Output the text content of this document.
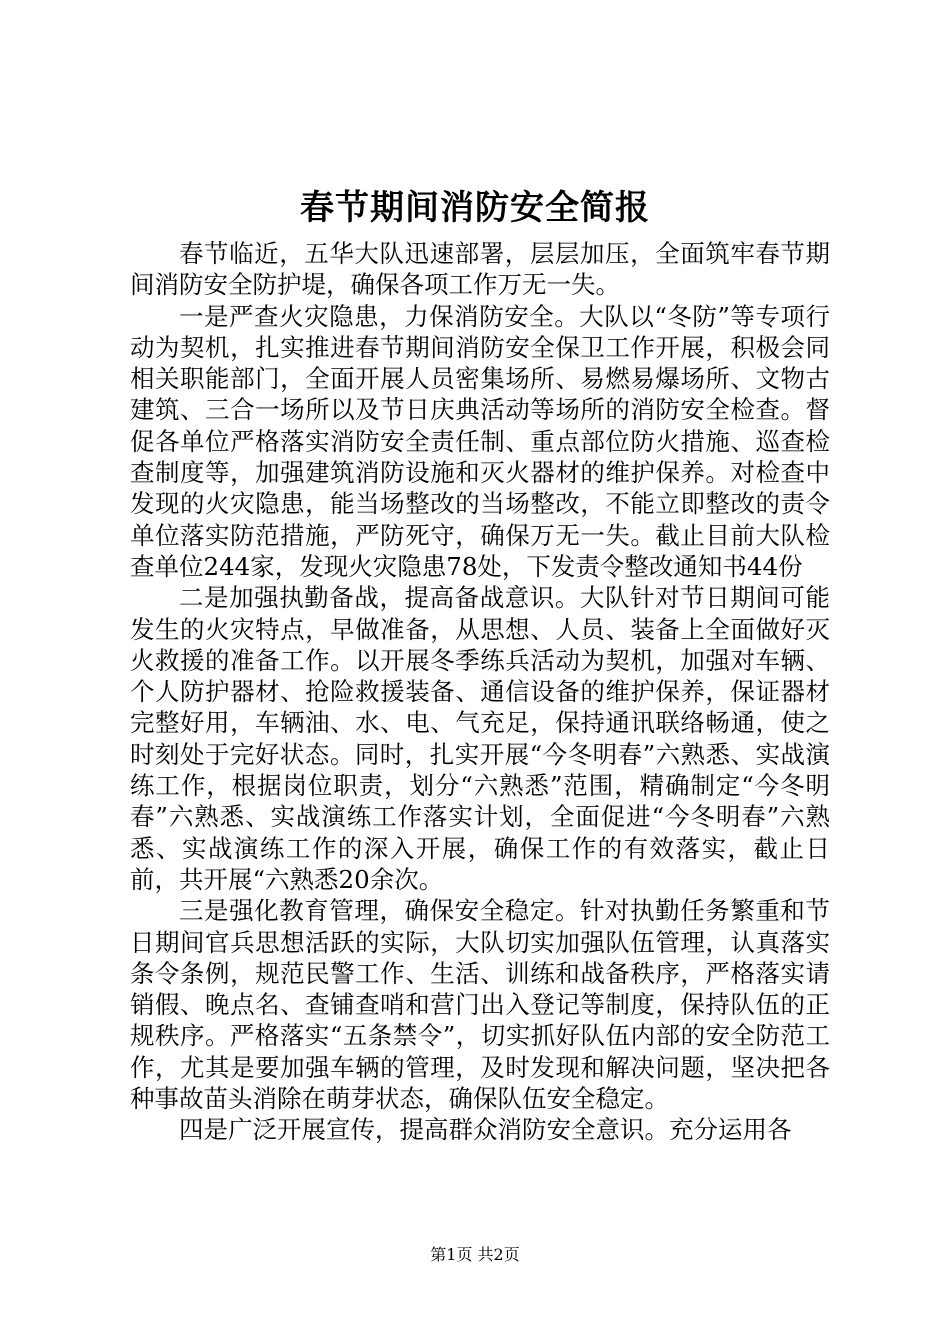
春节期间消防安全简报

春节临近，五华大队迅速部署，层层加压，全面筑牢春节期间消防安全防护堤，确保各项工作万无一失。

一是严查火灾隐患，力保消防安全。大队以“冬防”等专项行动为契机，扎实推进春节期间消防安全保卫工作开展，积极会同相关职能部门，全面开展人员密集场所、易燃易爆场所、文物古建筑、三合一场所以及节日庆典活动等场所的消防安全检查。督促各单位严格落实消防安全责任制、重点部位防火措施、巡查检查制度等，加强建筑消防设施和灭火器材的维护保养。对检查中发现的火灾隐患，能当场整改的当场整改，不能立即整改的责令单位落实防范措施，严防死守，确保万无一失。截止目前大队检查单位244家，发现火灾隐患78处，下发责令整改通知书44份

二是加强执勤备战，提高备战意识。大队针对节日期间可能发生的火灾特点，早做准备，从思想、人员、装备上全面做好灭火救援的准备工作。以开展冬季练兵活动为契机，加强对车辆、个人防护器材、抢险救援装备、通信设备的维护保养，保证器材完整好用，车辆油、水、电、气充足，保持通讯联络畅通，使之时刻处于完好状态。同时，扎实开展“今冬明春”六熟悉、实战演练工作，根据岗位职责，划分“六熟悉”范围，精确制定“今冬明春”六熟悉、实战演练工作落实计划，全面促进“今冬明春”六熟悉、实战演练工作的深入开展，确保工作的有效落实，截止日前，共开展“六熟悉20余次。

三是强化教育管理，确保安全稳定。针对执勤任务繁重和节日期间官兵思想活跃的实际，大队切实加强队伍管理，认真落实条令条例，规范民警工作、生活、训练和战备秩序，严格落实请销假、晚点名、查铺查哨和营门出入登记等制度，保持队伍的正规秩序。严格落实“五条禁令”，切实抓好队伍内部的安全防范工作，尤其是要加强车辆的管理，及时发现和解决问题，坚决把各种事故苗头消除在萌芽状态，确保队伍安全稳定。

四是广泛开展宣传，提高群众消防安全意识。充分运用各

第1页 共2页
